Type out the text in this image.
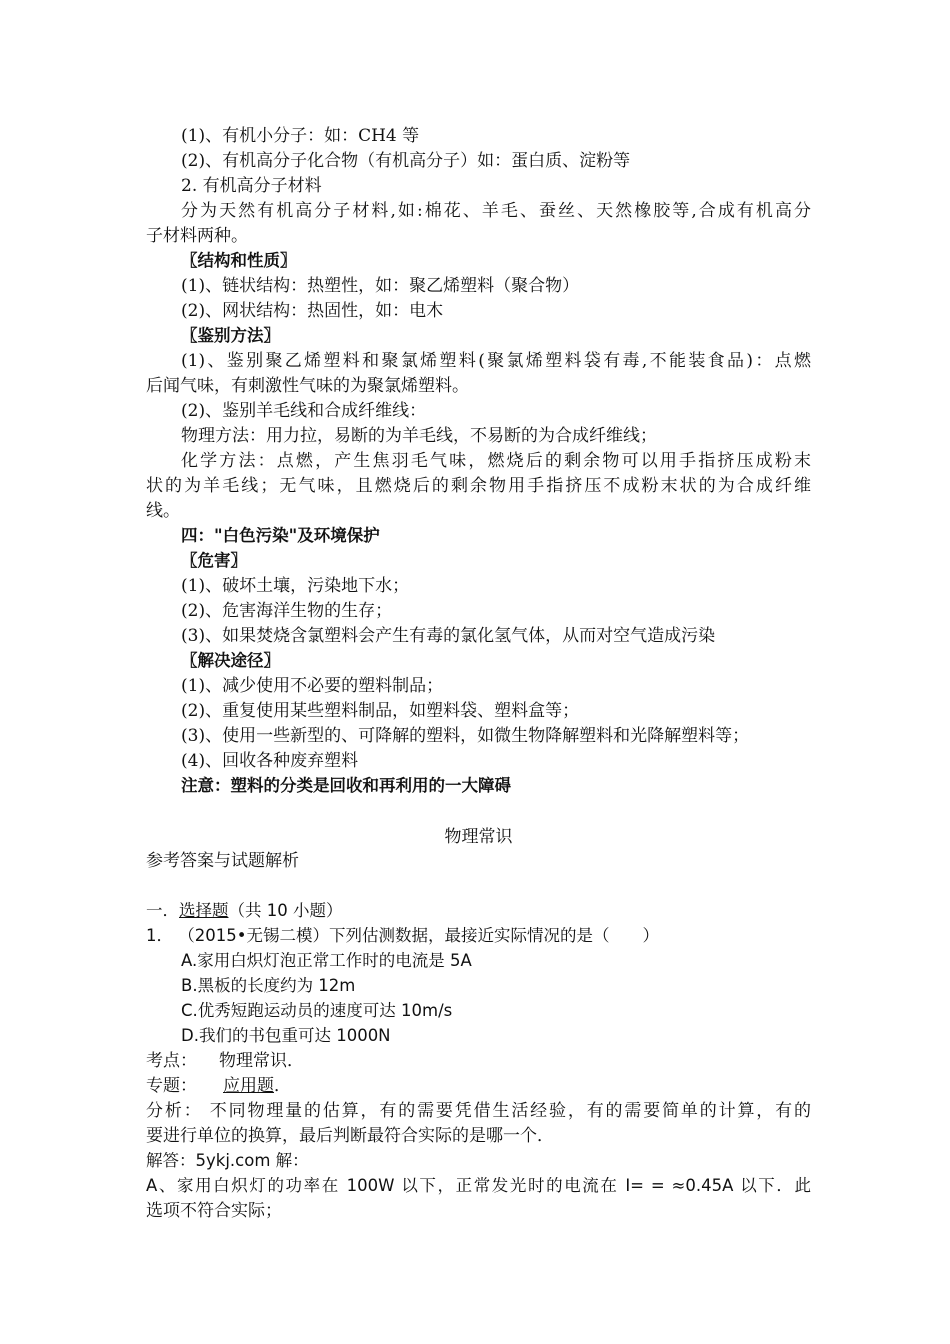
(1)、有机小分子：如：CH4 等
(2)、有机高分子化合物（有机高分子）如：蛋白质、淀粉等
2. 有机高分子材料
分为天然有机高分子材料,如:棉花、羊毛、蚕丝、天然橡胶等,合成有机高分
子材料两种。
〖结构和性质〗
(1)、链状结构：热塑性，如：聚乙烯塑料（聚合物）
(2)、网状结构：热固性，如：电木
〖鉴别方法〗
(1)、鉴别聚乙烯塑料和聚氯烯塑料(聚氯烯塑料袋有毒,不能装食品)：点燃
后闻气味，有刺激性气味的为聚氯烯塑料。
(2)、鉴别羊毛线和合成纤维线：
物理方法：用力拉，易断的为羊毛线，不易断的为合成纤维线；
化学方法：点燃，产生焦羽毛气味，燃烧后的剩余物可以用手指挤压成粉末
状的为羊毛线；无气味，且燃烧后的剩余物用手指挤压不成粉末状的为合成纤维
线。
四："白色污染"及环境保护
〖危害〗
(1)、破坏土壤，污染地下水；
(2)、危害海洋生物的生存；
(3)、如果焚烧含氯塑料会产生有毒的氯化氢气体，从而对空气造成污染
〖解决途径〗
(1)、减少使用不必要的塑料制品；
(2)、重复使用某些塑料制品，如塑料袋、塑料盒等；
(3)、使用一些新型的、可降解的塑料，如微生物降解塑料和光降解塑料等；
(4)、回收各种废弃塑料
注意：塑料的分类是回收和再利用的一大障碍
物理常识
参考答案与试题解析
一．选择题（共 10 小题）
1． （2015•无锡二模）下列估测数据，最接近实际情况的是（　　）
A.家用白炽灯泡正常工作时的电流是 5A
B.黑板的长度约为 12m
C.优秀短跑运动员的速度可达 10m/s
D.我们的书包重可达 1000N
考点： 物理常识．
专题： 应用题．
分析： 不同物理量的估算，有的需要凭借生活经验，有的需要简单的计算，有的
要进行单位的换算，最后判断最符合实际的是哪一个．
解答：5ykj.com 解：
A、家用白炽灯的功率在 100W 以下，正常发光时的电流在 I= = ≈0.45A 以下．此
选项不符合实际；
